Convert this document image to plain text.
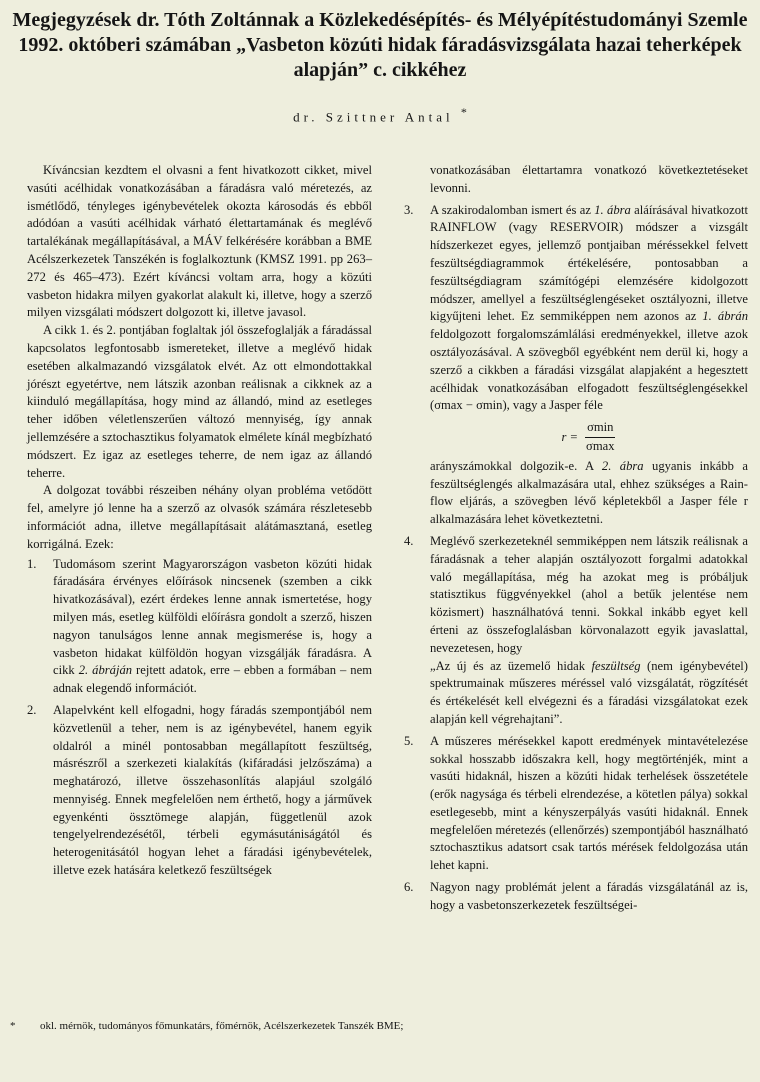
Megjegyzések dr. Tóth Zoltánnak a Közlekedésépítés- és Mélyépítéstudományi Szemle 1992. októberi számában „Vasbeton közúti hidak fáradásvizsgálata hazai teherképek alapján” c. cikkéhez
dr. Szittner Antal *

Kíváncsian kezdtem el olvasni a fent hivatkozott cikket, mivel vasúti acélhidak vonatkozásában a fáradásra való méretezés, az ismétlődő, tényleges igénybevételek okozta károsodás és ebből adódóan a vasúti acélhidak várható élettartamának és meglévő tartalékának megállapításával, a MÁV felkérésére korábban a BME Acélszerkezetek Tanszékén is foglalkoztunk (KMSZ 1991. pp 263–272 és 465–473). Ezért kíváncsi voltam arra, hogy a közúti vasbeton hidakra milyen gyakorlat alakult ki, illetve, hogy a szerző milyen vizsgálati módszert dolgozott ki, illetve javasol.

A cikk 1. és 2. pontjában foglaltak jól összefoglalják a fáradással kapcsolatos legfontosabb ismereteket, illetve a meglévő hidak esetében alkalmazandó vizsgálatok elvét. Az ott elmondottakkal jórészt egyetértve, nem látszik azonban reálisnak a cikknek az a kiinduló megállapítása, hogy mind az állandó, mind az esetleges teher időben véletlenszerűen változó mennyiség, így annak jellemzésére a sztochasztikus folyamatok elmélete kínál megbízható módszert. Ez igaz az esetleges teherre, de nem igaz az állandó teherre.

A dolgozat további részeiben néhány olyan probléma vetődött fel, amelyre jó lenne ha a szerző az olvasók számára részletesebb információt adna, illetve megállapításait alátámasztaná, esetleg korrigálná. Ezek:

1.	Tudomásom szerint Magyarországon vasbeton közúti hidak fáradására érvényes előírások nincsenek (szemben a cikk hivatkozásával), ezért érdekes lenne annak ismertetése, hogy milyen más, esetleg külföldi előírásra gondolt a szerző, hiszen nagyon tanulságos lenne annak megismerése is, hogy a vasbeton hidakat külföldön hogyan vizsgálják fáradásra. A cikk 2. ábráján rejtett adatok, erre – ebben a formában – nem adnak elegendő információt.
2.	Alapelvként kell elfogadni, hogy fáradás szempontjából nem közvetlenül a teher, nem is az igénybevétel, hanem egyik oldalról a minél pontosabban megállapított feszültség, másrészről a szerkezeti kialakítás (kifáradási jelzőszáma) a meghatározó, illetve összehasonlítás alapjául szolgáló mennyiség. Ennek megfelelően nem érthető, hogy a járművek egyenkénti össztömege alapján, függetlenül azok tengelyelrendezésétől, térbeli egymásutániságától és heterogenitásától hogyan lehet a fáradási igénybevételek, illetve ezek hatására keletkező feszültségek
vonatkozásában élettartamra vonatkozó következtetéseket levonni.
3.	A szakirodalomban ismert és az 1. ábra aláírásával hivatkozott RAINFLOW (vagy RESERVOIR) módszer a vizsgált hídszerkezet egyes, jellemző pontjaiban méréssekkel felvett feszültségdiagrammok értékelésére, pontosabban a feszültségdiagram számítógépi elemzésére kidolgozott módszer, amellyel a feszültséglengéseket osztályozni, illetve kigyűjteni lehet. Ez semmiképpen nem azonos az 1. ábrán feldolgozott forgalomszámlálási eredményekkel, illetve azok osztályozásával. A szövegből egyébként nem derül ki, hogy a szerző a cikkben a fáradási vizsgálat alapjaként a hegesztett acélhidak vonatkozásában elfogadott feszültséglengésekkel (σmax − σmin), vagy a Jasper féle
$r = \frac{\sigma\min}{\sigma\max}$
arányszámokkal dolgozik-e. A 2. ábra ugyanis inkább a feszültséglengés alkalmazására utal, ehhez szükséges a Rain-flow eljárás, a szövegben lévő képletekből a Jasper féle r alkalmazására lehet következtetni.
4.	Meglévő szerkezeteknél semmiképpen nem látszik reálisnak a fáradásnak a teher alapján osztályozott forgalmi adatokkal való megállapítása, még ha azokat meg is próbáljuk statisztikus függvényekkel (ahol a betűk jelentése nem közismert) használhatóvá tenni. Sokkal inkább egyet kell érteni az összefoglalásban körvonalazott egyik javaslattal, nevezetesen, hogy

„Az új és az üzemelő hidak feszültség (nem igénybevétel) spektrumainak műszeres méréssel való vizsgálatát, rögzítését és értékelését kell elvégezni és a fáradási vizsgálatokat ezek alapján kell végrehajtani”.

5.	A műszeres mérésekkel kapott eredmények mintavételezése sokkal hosszabb időszakra kell, hogy megtörténjék, mint a vasúti hidaknál, hiszen a közúti hidak terhelések összetétele (erők nagysága és térbeli elrendezése, a kötetlen pálya) sokkal esetlegesebb, mint a kényszerpályás vasúti hidaknál. Ennek megfelelően méretezés (ellenőrzés) szempontjából használható sztochasztikus adatsort csak tartós mérések feldolgozása után lehet kapni.
6.	Nagyon nagy problémát jelent a fáradás vizsgálatánál az is, hogy a vasbetonszerkezetek feszültségei-
* okl. mérnök, tudományos főmunkatárs, főmérnök, Acélszerkezetek Tanszék BME;
